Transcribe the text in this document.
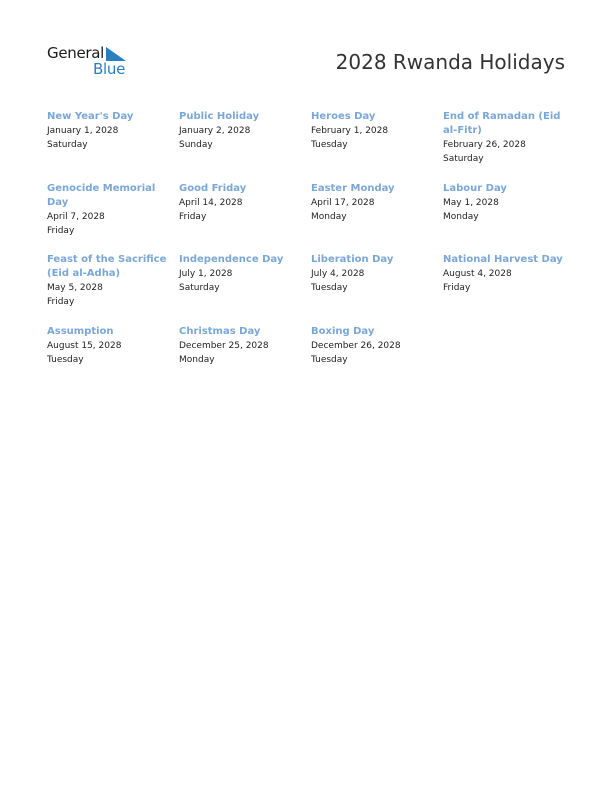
General
Blue	2028 Rwanda Holidays
New Year's Day
January 1, 2028
Saturday
Public Holiday
January 2, 2028
Sunday
Heroes Day
February 1, 2028
Tuesday
End of Ramadan (Eid al-Fitr)
February 26, 2028
Saturday
Genocide Memorial Day
April 7, 2028
Friday
Good Friday
April 14, 2028
Friday
Easter Monday
April 17, 2028
Monday
Labour Day
May 1, 2028
Monday
Feast of the Sacrifice (Eid al-Adha)
May 5, 2028
Friday
Independence Day
July 1, 2028
Saturday
Liberation Day
July 4, 2028
Tuesday
National Harvest Day
August 4, 2028
Friday
Assumption
August 15, 2028
Tuesday
Christmas Day
December 25, 2028
Monday
Boxing Day
December 26, 2028
Tuesday
